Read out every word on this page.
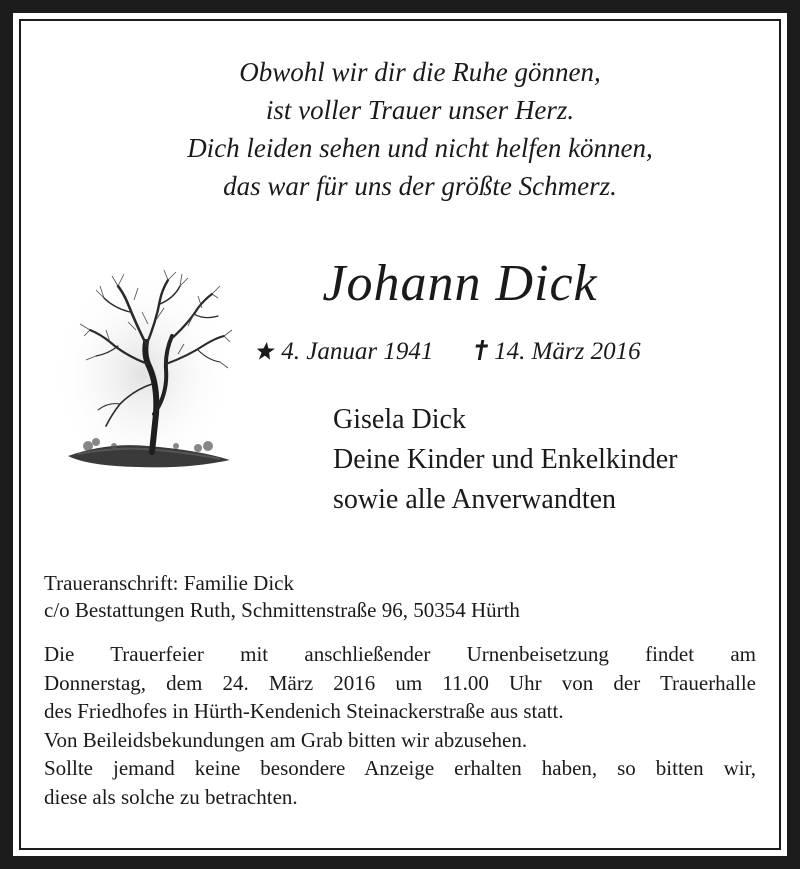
Obwohl wir dir die Ruhe gönnen,
ist voller Trauer unser Herz.
Dich leiden sehen und nicht helfen können,
das war für uns der größte Schmerz.
Johann Dick
4. Januar 1941 14. März 2016
Gisela Dick
Deine Kinder und Enkelkinder
sowie alle Anverwandten
Traueranschrift: Familie Dick
c/o Bestattungen Ruth, Schmittenstraße 96, 50354 Hürth
Die Trauerfeier mit anschließender Urnenbeisetzung findet am
Donnerstag, dem 24. März 2016 um 11.00 Uhr von der Trauerhalle
des Friedhofes in Hürth-Kendenich Steinackerstraße aus statt.
Von Beileidsbekundungen am Grab bitten wir abzusehen.
Sollte jemand keine besondere Anzeige erhalten haben, so bitten wir,
diese als solche zu betrachten.
